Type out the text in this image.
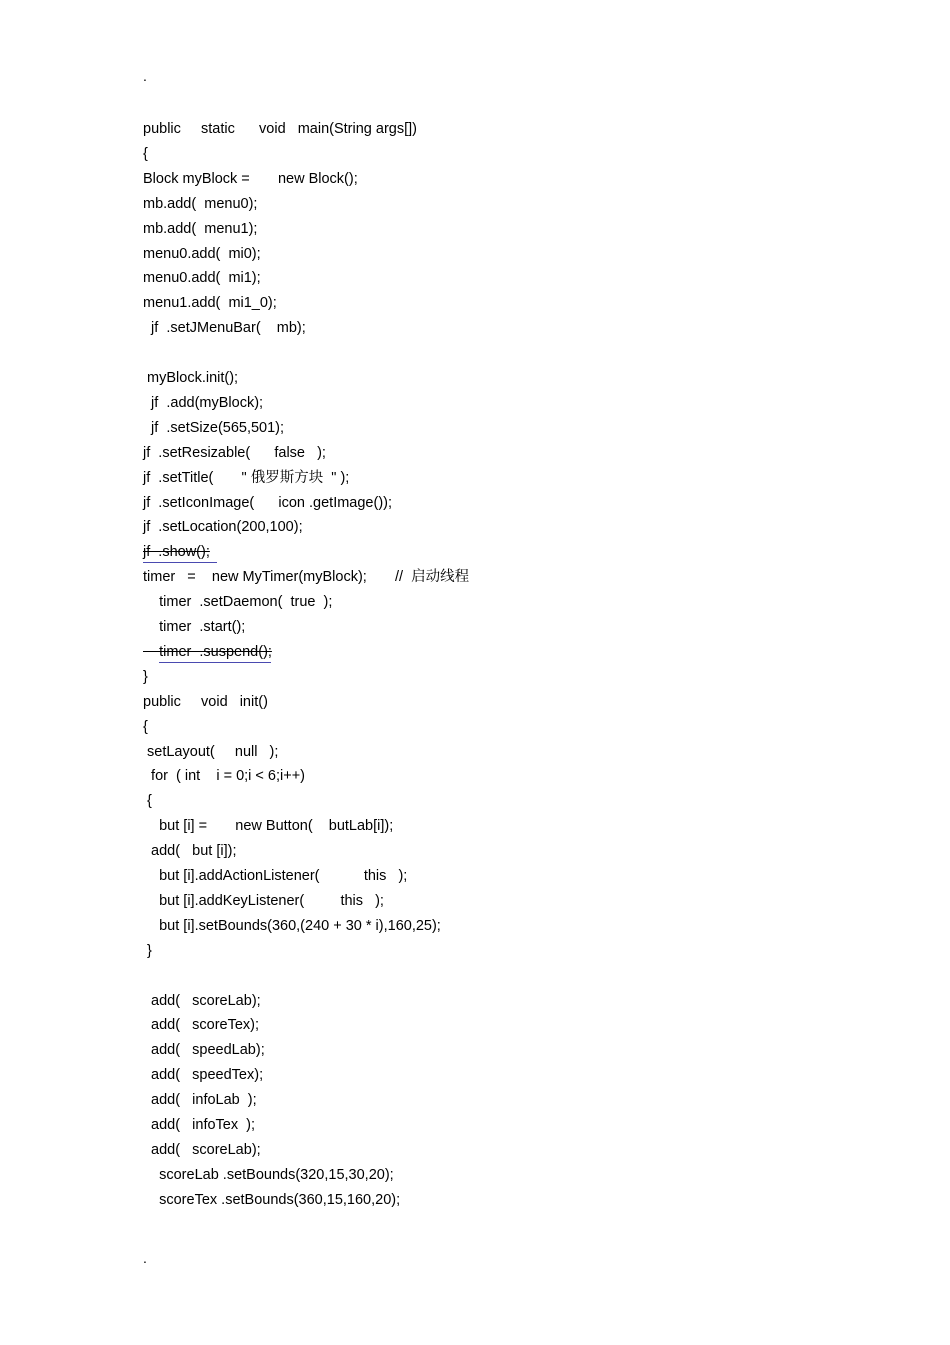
.
public     static      void   main(String args[])
{
Block myBlock =       new Block();
mb.add(  menu0);
mb.add(  menu1);
menu0.add(  mi0);
menu0.add(  mi1);
menu1.add(  mi1_0);
jf  .setJMenuBar(    mb);
myBlock.init();
jf  .add(myBlock);
jf  .setSize(565,501);
jf  .setResizable(      false   );
jf  .setTitle(       " 俄罗斯方块  " );
jf  .setIconImage(      icon .getImage());
jf  .setLocation(200,100);
jf  .show();
timer   =    new MyTimer(myBlock);       //  启动线程
timer  .setDaemon(  true  );
timer  .start();
timer  .suspend();
}
public     void   init()
{
setLayout(     null   );
for  ( int    i = 0;i < 6;i++)
{
but [i] =       new Button(    butLab[i]);
add(   but [i]);
but [i].addActionListener(           this   );
but [i].addKeyListener(         this   );
but [i].setBounds(360,(240 + 30 * i),160,25);
}
add(   scoreLab);
add(   scoreTex);
add(   speedLab);
add(   speedTex);
add(   infoLab  );
add(   infoTex  );
add(   scoreLab);
scoreLab .setBounds(320,15,30,20);
scoreTex .setBounds(360,15,160,20);
.
